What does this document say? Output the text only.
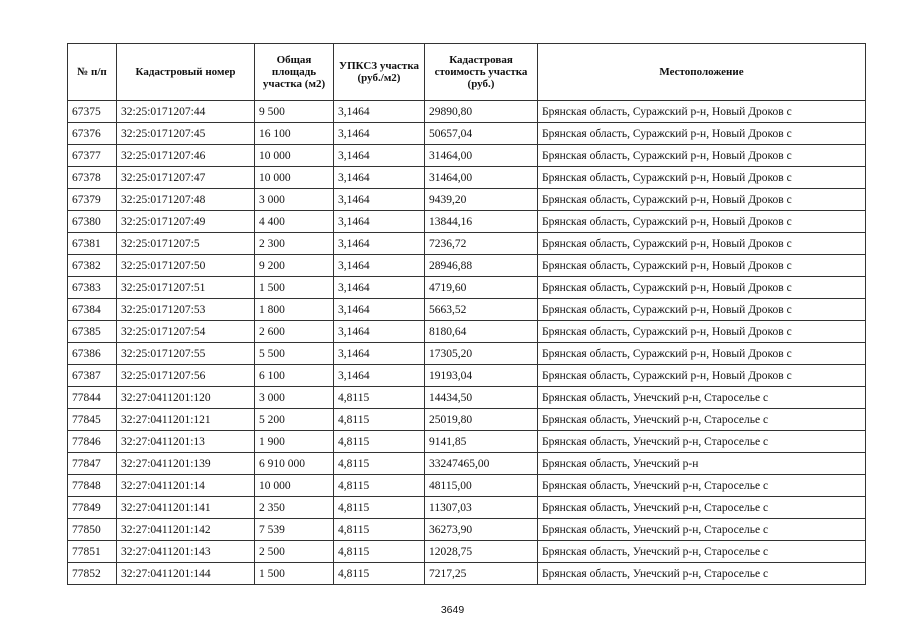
№ п/п	Кадастровый номер	Общая площадь участка (м2)	УПКСЗ участка (руб./м2)	Кадастровая стоимость участка (руб.)	Местоположение
67375	32:25:0171207:44	9 500	3,1464	29890,80	Брянская область, Суражский р-н, Новый Дроков с
67376	32:25:0171207:45	16 100	3,1464	50657,04	Брянская область, Суражский р-н, Новый Дроков с
67377	32:25:0171207:46	10 000	3,1464	31464,00	Брянская область, Суражский р-н, Новый Дроков с
67378	32:25:0171207:47	10 000	3,1464	31464,00	Брянская область, Суражский р-н, Новый Дроков с
67379	32:25:0171207:48	3 000	3,1464	9439,20	Брянская область, Суражский р-н, Новый Дроков с
67380	32:25:0171207:49	4 400	3,1464	13844,16	Брянская область, Суражский р-н, Новый Дроков с
67381	32:25:0171207:5	2 300	3,1464	7236,72	Брянская область, Суражский р-н, Новый Дроков с
67382	32:25:0171207:50	9 200	3,1464	28946,88	Брянская область, Суражский р-н, Новый Дроков с
67383	32:25:0171207:51	1 500	3,1464	4719,60	Брянская область, Суражский р-н, Новый Дроков с
67384	32:25:0171207:53	1 800	3,1464	5663,52	Брянская область, Суражский р-н, Новый Дроков с
67385	32:25:0171207:54	2 600	3,1464	8180,64	Брянская область, Суражский р-н, Новый Дроков с
67386	32:25:0171207:55	5 500	3,1464	17305,20	Брянская область, Суражский р-н, Новый Дроков с
67387	32:25:0171207:56	6 100	3,1464	19193,04	Брянская область, Суражский р-н, Новый Дроков с
77844	32:27:0411201:120	3 000	4,8115	14434,50	Брянская область, Унечский р-н, Староселье с
77845	32:27:0411201:121	5 200	4,8115	25019,80	Брянская область, Унечский р-н, Староселье с
77846	32:27:0411201:13	1 900	4,8115	9141,85	Брянская область, Унечский р-н, Староселье с
77847	32:27:0411201:139	6 910 000	4,8115	33247465,00	Брянская область, Унечский р-н
77848	32:27:0411201:14	10 000	4,8115	48115,00	Брянская область, Унечский р-н, Староселье с
77849	32:27:0411201:141	2 350	4,8115	11307,03	Брянская область, Унечский р-н, Староселье с
77850	32:27:0411201:142	7 539	4,8115	36273,90	Брянская область, Унечский р-н, Староселье с
77851	32:27:0411201:143	2 500	4,8115	12028,75	Брянская область, Унечский р-н, Староселье с
77852	32:27:0411201:144	1 500	4,8115	7217,25	Брянская область, Унечский р-н, Староселье с
3649
